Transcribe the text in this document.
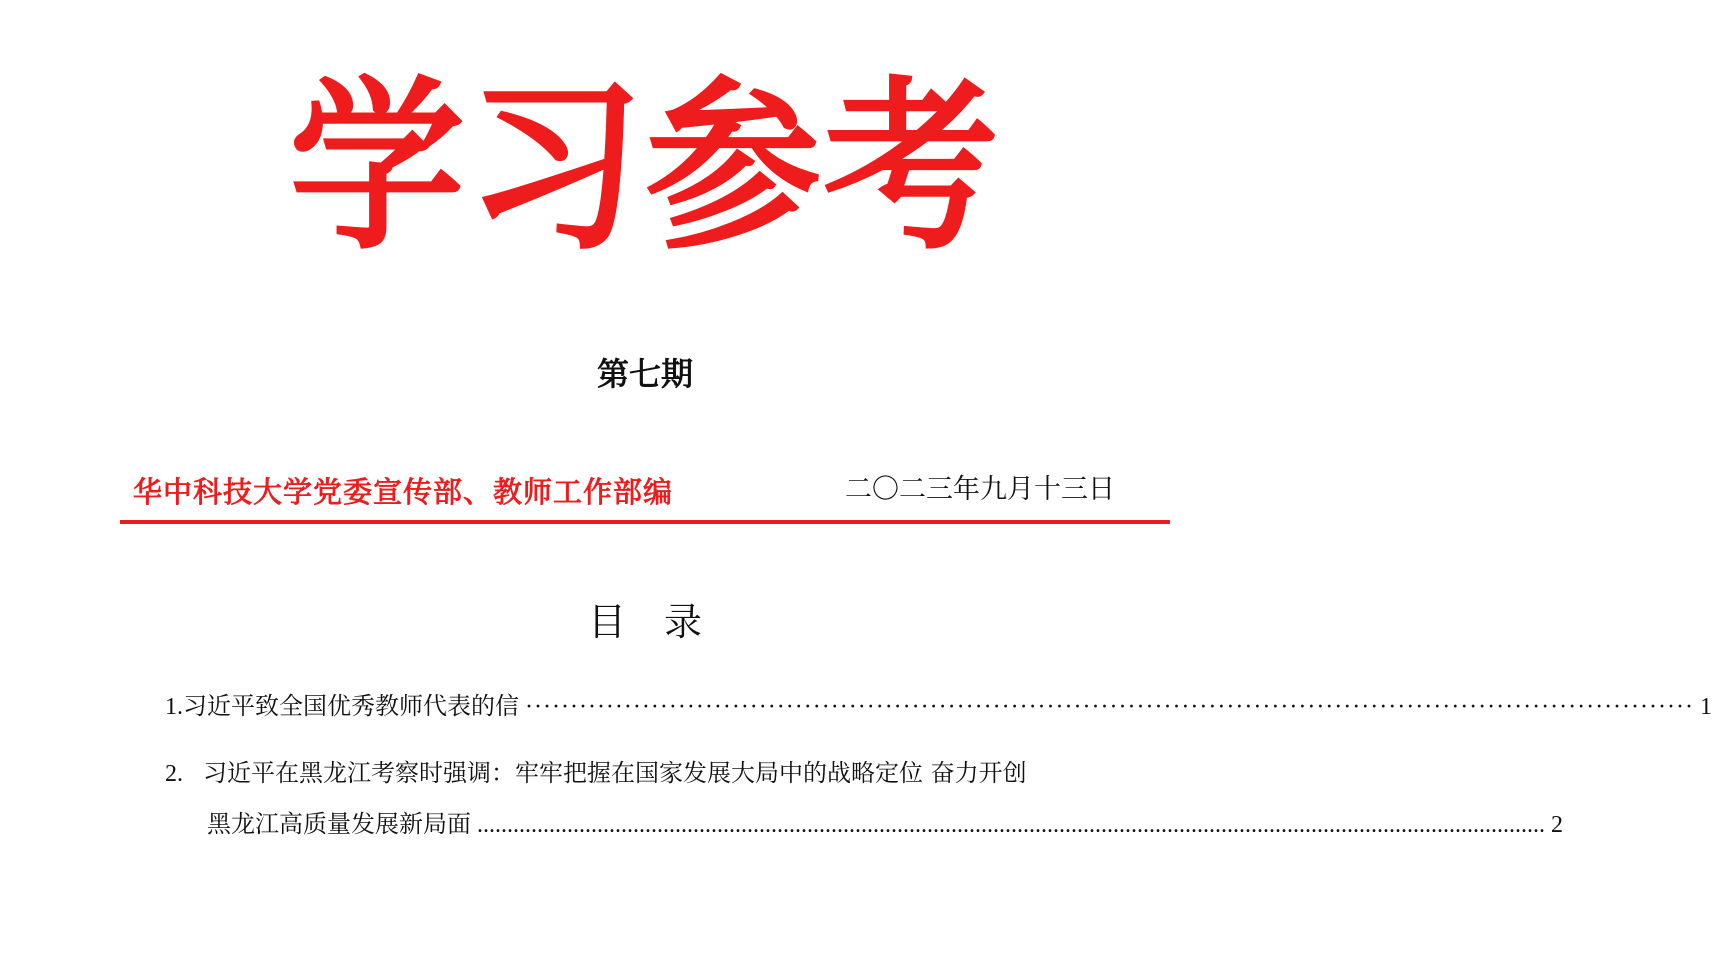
学习参考
第七期
华中科技大学党委宣传部、教师工作部编	二〇二三年九月十三日
目录
1. 习近平致全国优秀教师代表的信 ·································································································································· 1
2. 习近平在黑龙江考察时强调：牢牢把握在国家发展大局中的战略定位 奋力开创
黑龙江高质量发展新局面 .................................................................................................................................................................................. 2
